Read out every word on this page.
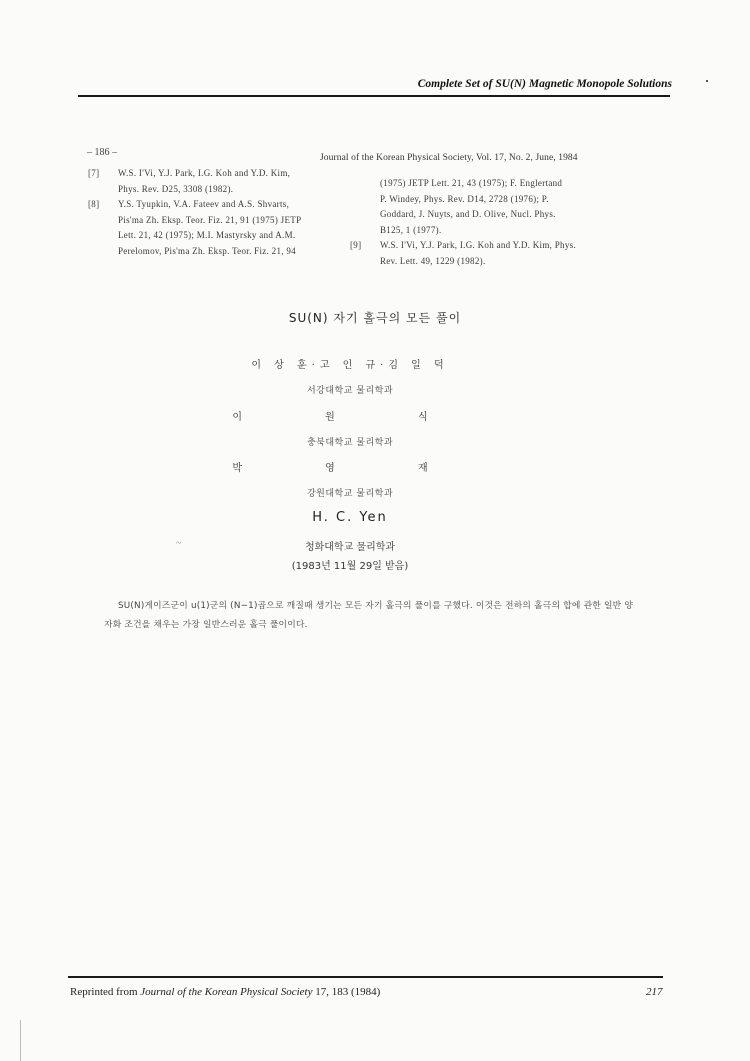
Complete Set of SU(N) Magnetic Monopole Solutions
– 186 –	Journal of the Korean Physical Society, Vol. 17, No. 2, June, 1984
[7] W.S. I'Vi, Y.J. Park, I.G. Koh and Y.D. Kim,
Phys. Rev. D25, 3308 (1982).
[8] Y.S. Tyupkin, V.A. Fateev and A.S. Shvarts,
Pis'ma Zh. Eksp. Teor. Fiz. 21, 91 (1975) JETP
Lett. 21, 42 (1975); M.I. Mastyrsky and A.M.
Perelomov, Pis'ma Zh. Eksp. Teor. Fiz. 21, 94
(1975) JETP Lett. 21, 43 (1975); F. Englertand
P. Windey, Phys. Rev. D14, 2728 (1976); P.
Goddard, J. Nuyts, and D. Olive, Nucl. Phys.
B125, 1 (1977).
[9] W.S. I'Vi, Y.J. Park, I.G. Koh and Y.D. Kim, Phys.
Rev. Lett. 49, 1229 (1982).
SU(N) 자기 홀극의 모든 풀이
이 상 훈·고 인 규·김 일 덕
서강대학교 물리학과
이 원 식
충북대학교 물리학과
박 영 재
강원대학교 물리학과
H. C. Yen
~	청화대학교 물리학과
(1983년 11월 29일 받음)

SU(N)게이즈군이 u(1)군의 (N−1)곱으로 깨질때 생기는 모든 자기 홀극의 풀이를 구했다. 이것은 전하의 홀극의 합에 관한 일반 양자화 조건을 채우는 가장 일반스러운 홀극 풀이이다.

Reprinted from Journal of the Korean Physical Society 17, 183 (1984)	217
